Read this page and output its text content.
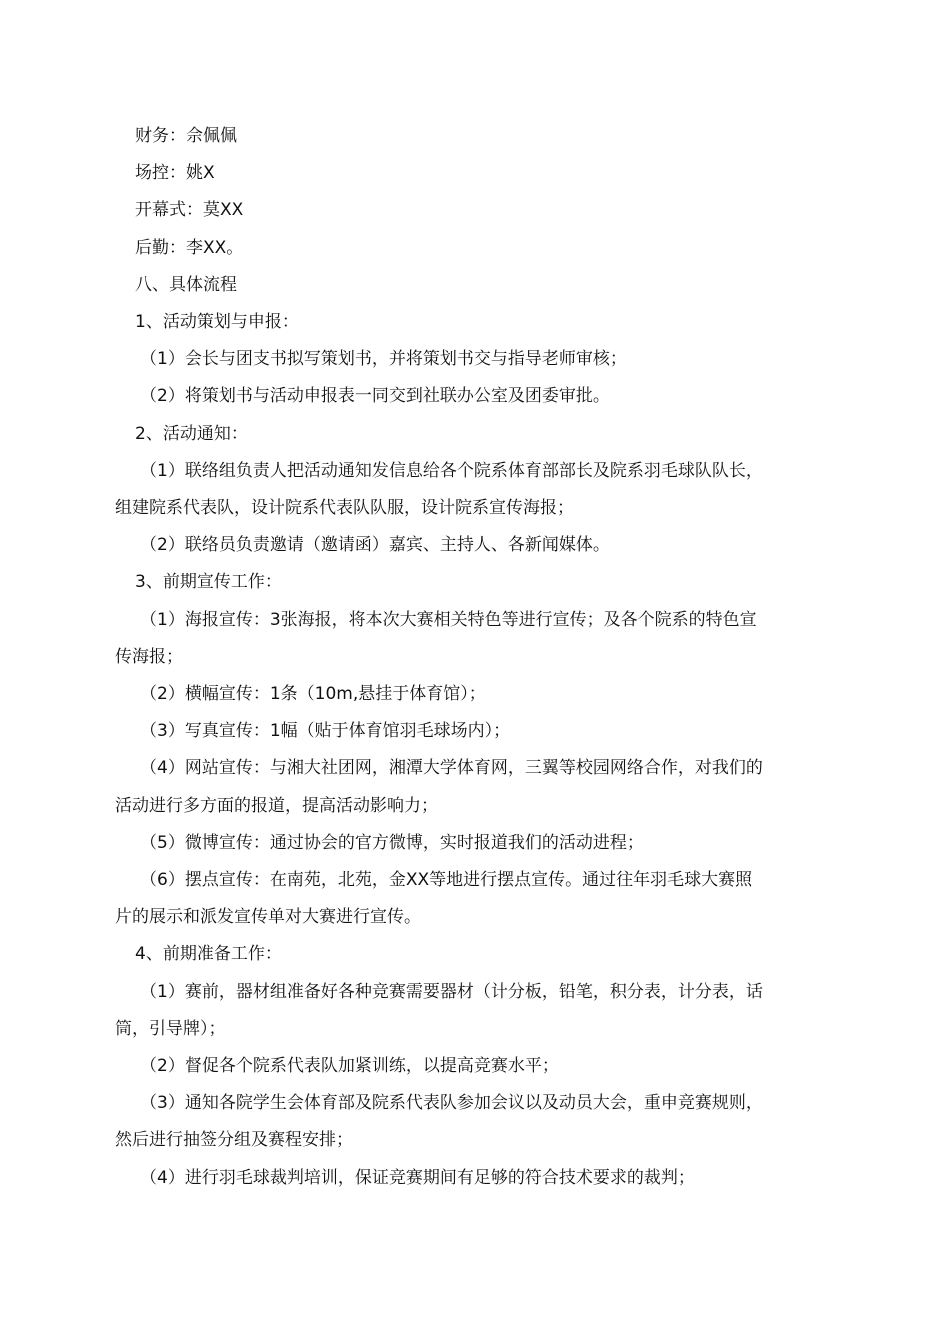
财务：佘佩佩

场控：姚X

开幕式：莫XX

后勤：李XX。

八、具体流程

1、活动策划与申报：

（1）会长与团支书拟写策划书，并将策划书交与指导老师审核；

（2）将策划书与活动申报表一同交到社联办公室及团委审批。

2、活动通知：

（1）联络组负责人把活动通知发信息给各个院系体育部部长及院系羽毛球队队长，

组建院系代表队，设计院系代表队队服，设计院系宣传海报；

（2）联络员负责邀请（邀请函）嘉宾、主持人、各新闻媒体。

3、前期宣传工作：

（1）海报宣传：3张海报，将本次大赛相关特色等进行宣传；及各个院系的特色宣

传海报；

（2）横幅宣传：1条（10m,悬挂于体育馆）；

（3）写真宣传：1幅（贴于体育馆羽毛球场内）；

（4）网站宣传：与湘大社团网，湘潭大学体育网，三翼等校园网络合作，对我们的

活动进行多方面的报道，提高活动影响力；

（5）微博宣传：通过协会的官方微博，实时报道我们的活动进程；

（6）摆点宣传：在南苑，北苑，金XX等地进行摆点宣传。通过往年羽毛球大赛照

片的展示和派发宣传单对大赛进行宣传。

4、前期准备工作：

（1）赛前，器材组准备好各种竞赛需要器材（计分板，铅笔，积分表，计分表，话

筒，引导牌）；

（2）督促各个院系代表队加紧训练，以提高竞赛水平；

（3）通知各院学生会体育部及院系代表队参加会议以及动员大会，重申竞赛规则，

然后进行抽签分组及赛程安排；

（4）进行羽毛球裁判培训，保证竞赛期间有足够的符合技术要求的裁判；
